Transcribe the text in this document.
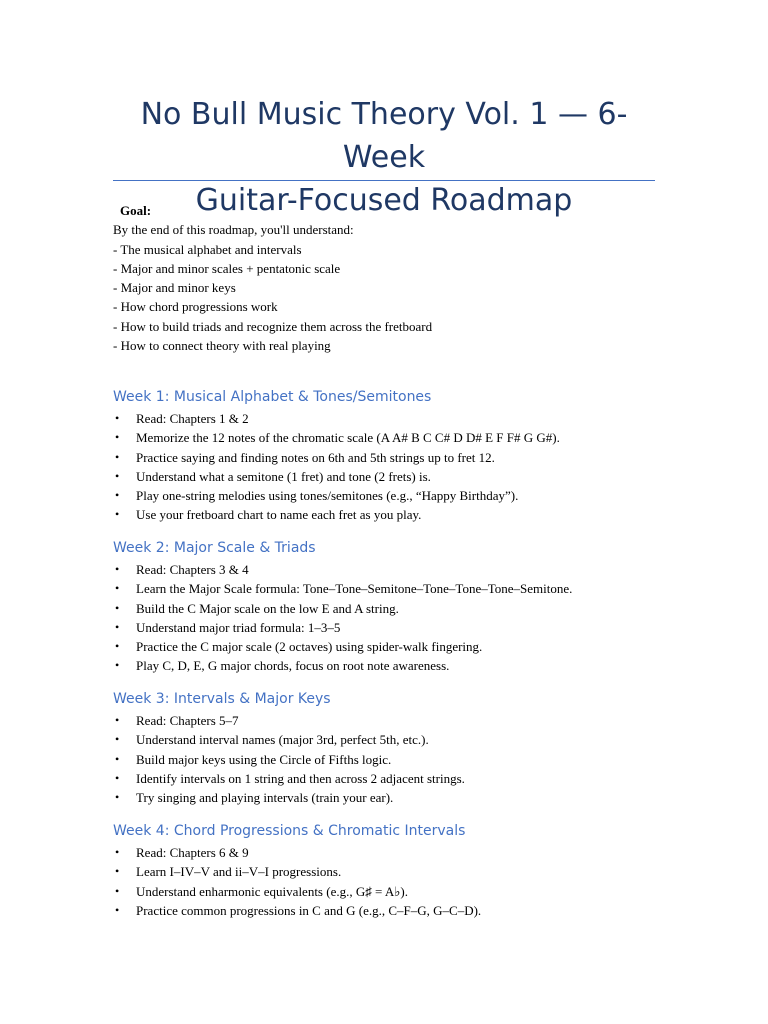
No Bull Music Theory Vol. 1 — 6-Week
Guitar-Focused Roadmap
Goal:
By the end of this roadmap, you'll understand:
- The musical alphabet and intervals
- Major and minor scales + pentatonic scale
- Major and minor keys
- How chord progressions work
- How to build triads and recognize them across the fretboard
- How to connect theory with real playing
Week 1: Musical Alphabet & Tones/Semitones
• Read: Chapters 1 & 2
• Memorize the 12 notes of the chromatic scale (A A# B C C# D D# E F F# G G#).
• Practice saying and finding notes on 6th and 5th strings up to fret 12.
• Understand what a semitone (1 fret) and tone (2 frets) is.
• Play one-string melodies using tones/semitones (e.g., “Happy Birthday”).
• Use your fretboard chart to name each fret as you play.
Week 2: Major Scale & Triads
• Read: Chapters 3 & 4
• Learn the Major Scale formula: Tone–Tone–Semitone–Tone–Tone–Tone–Semitone.
• Build the C Major scale on the low E and A string.
• Understand major triad formula: 1–3–5
• Practice the C major scale (2 octaves) using spider-walk fingering.
• Play C, D, E, G major chords, focus on root note awareness.
Week 3: Intervals & Major Keys
• Read: Chapters 5–7
• Understand interval names (major 3rd, perfect 5th, etc.).
• Build major keys using the Circle of Fifths logic.
• Identify intervals on 1 string and then across 2 adjacent strings.
• Try singing and playing intervals (train your ear).
Week 4: Chord Progressions & Chromatic Intervals
• Read: Chapters 6 & 9
• Learn I–IV–V and ii–V–I progressions.
• Understand enharmonic equivalents (e.g., G♯ = A♭).
• Practice common progressions in C and G (e.g., C–F–G, G–C–D).
